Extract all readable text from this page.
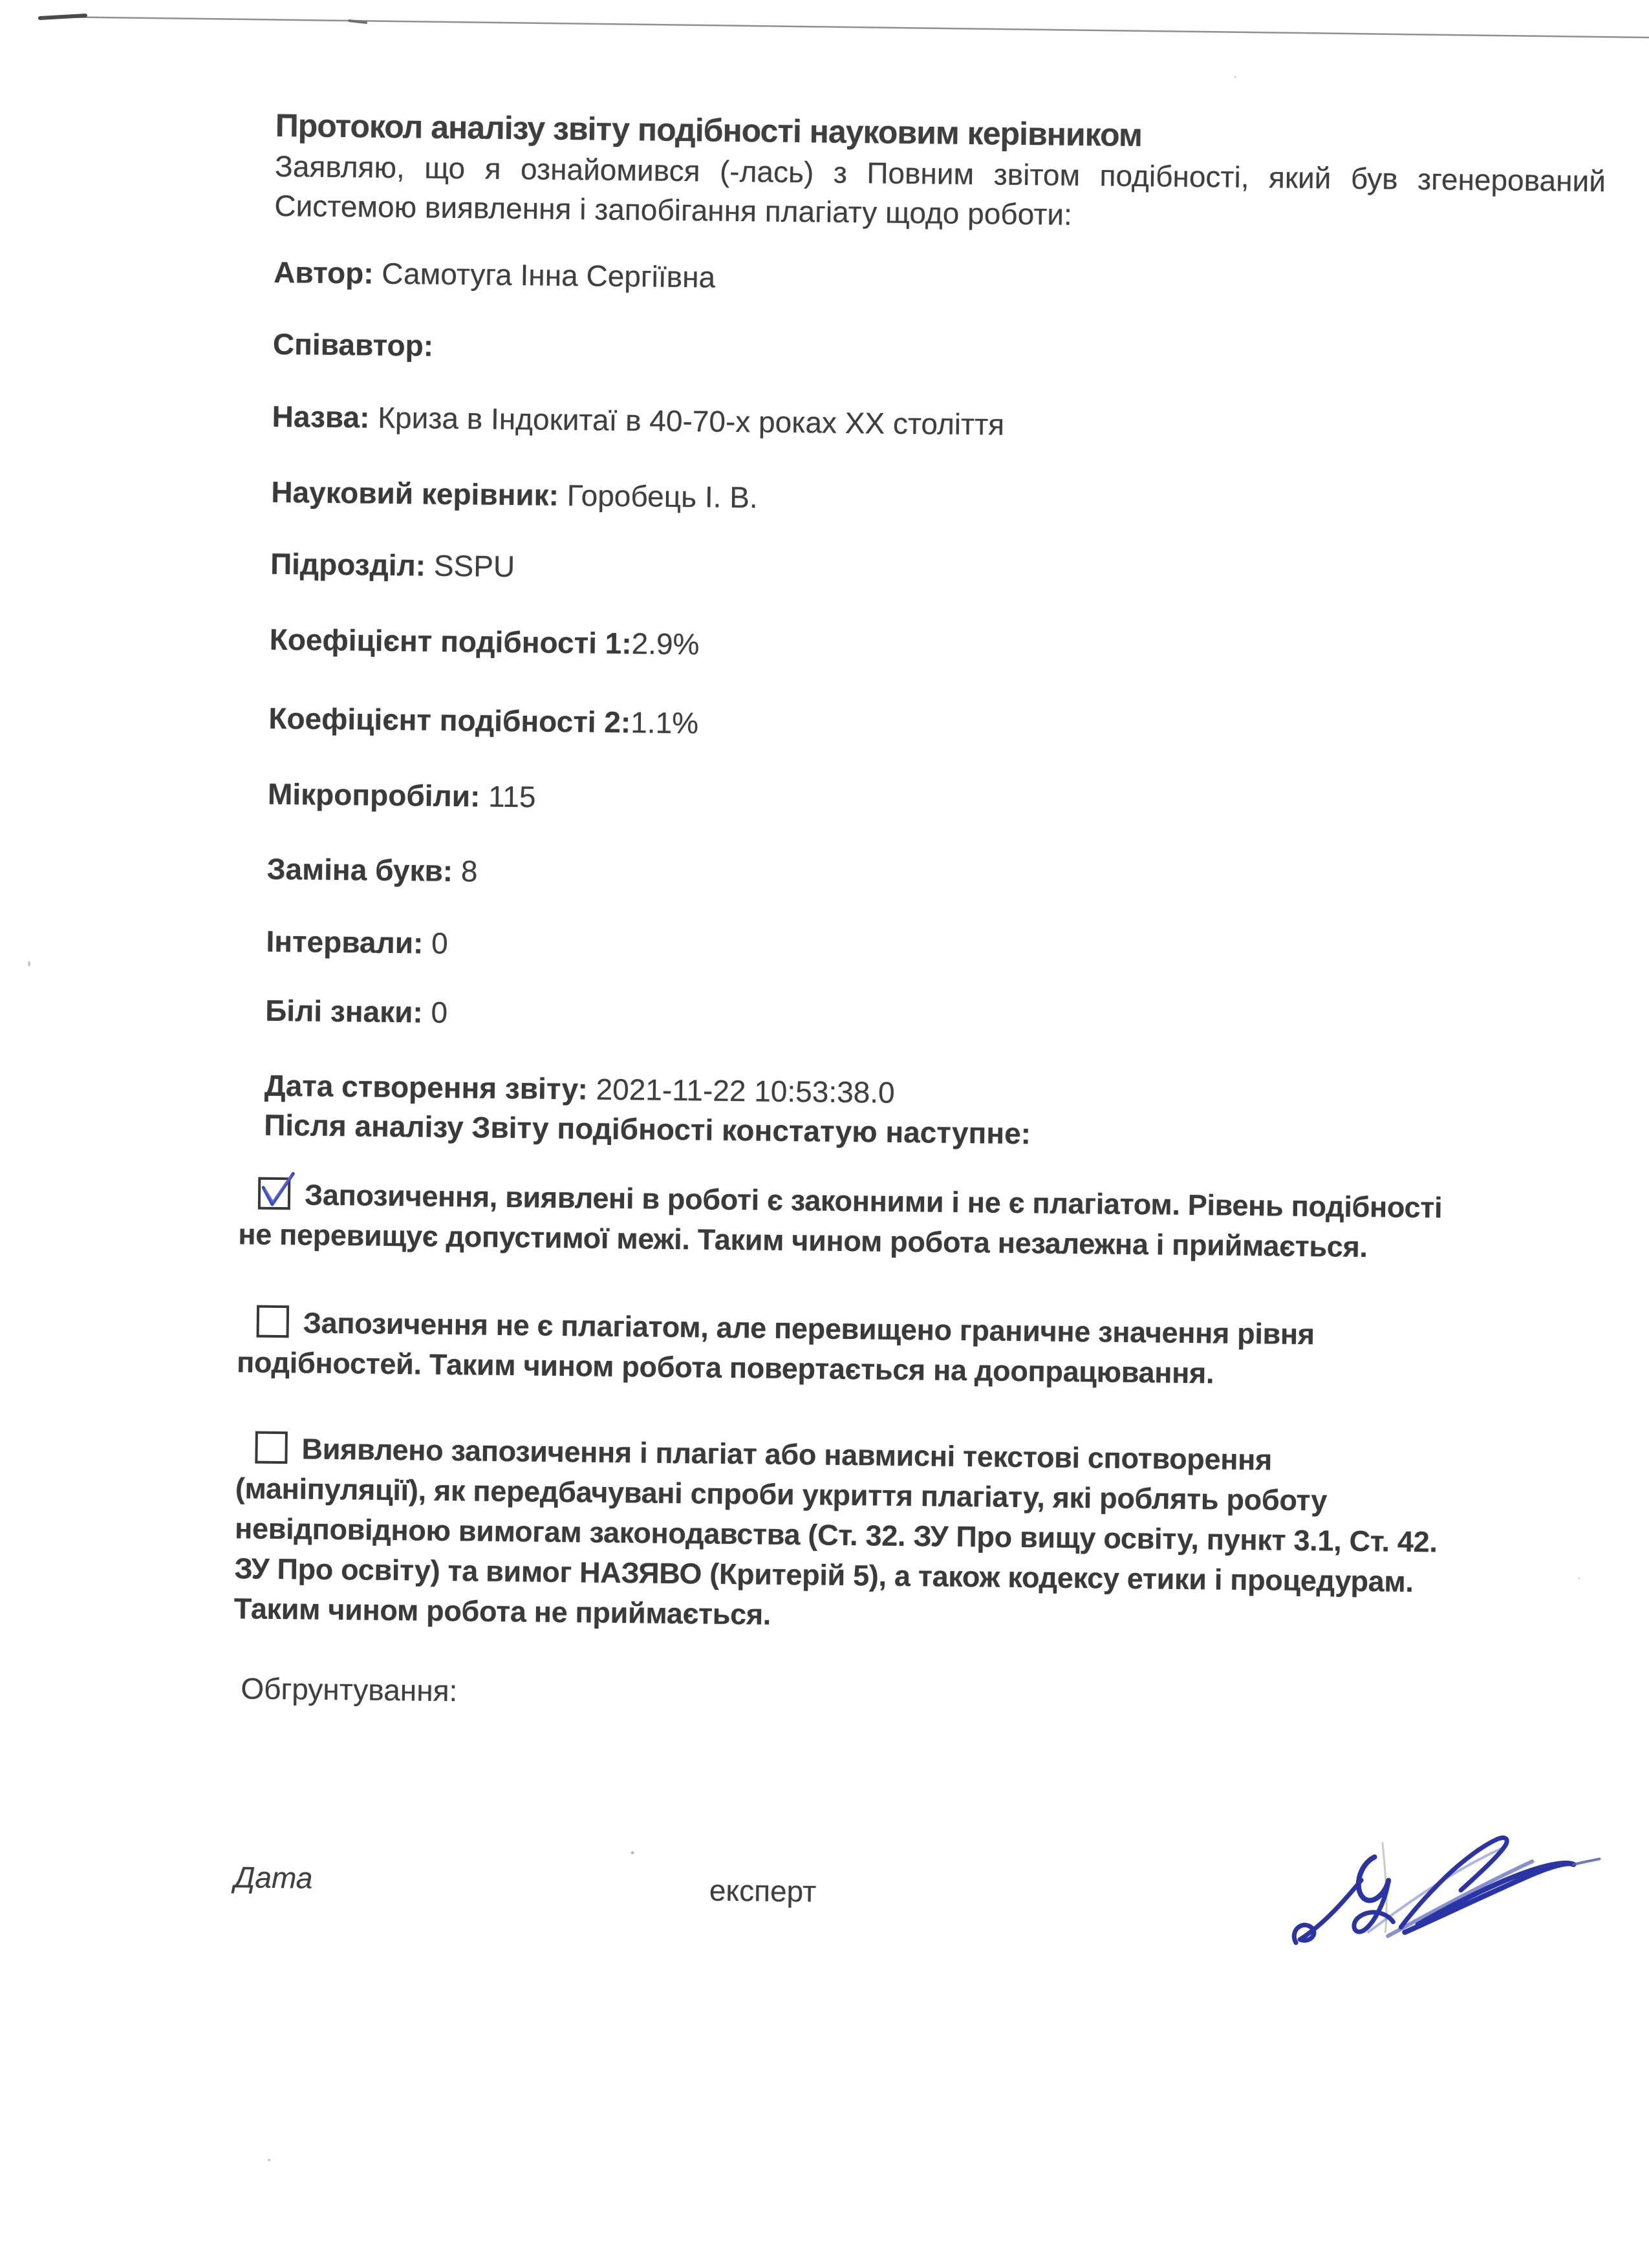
Протокол аналізу звіту подібності науковим керівником
Заявляю, що я ознайомився (-лась) з Повним звітом подібності, який був згенерований
Системою виявлення і запобігання плагіату щодо роботи:
Автор: Самотуга Інна Сергіївна
Співавтор:
Назва: Криза в Індокитаї в 40-70-х роках ХХ століття
Науковий керівник: Горобець І. В.
Підрозділ: SSPU
Коефіцієнт подібності 1:2.9%
Коефіцієнт подібності 2:1.1%
Мікропробіли: 115
Заміна букв: 8
Інтервали: 0
Білі знаки: 0
Дата створення звіту: 2021-11-22 10:53:38.0
Після аналізу Звіту подібності констатую наступне:
Запозичення, виявлені в роботі є законними і не є плагіатом. Рівень подібності
не перевищує допустимої межі. Таким чином робота незалежна і приймається.
Запозичення не є плагіатом, але перевищено граничне значення рівня
подібностей. Таким чином робота повертається на доопрацювання.
Виявлено запозичення і плагіат або навмисні текстові спотворення
(маніпуляції), як передбачувані спроби укриття плагіату, які роблять роботу
невідповідною вимогам законодавства (Ст. 32. ЗУ Про вищу освіту, пункт 3.1, Ст. 42.
ЗУ Про освіту) та вимог НАЗЯВО (Критерій 5), а також кодексу етики і процедурам.
Таким чином робота не приймається.
Обгрунтування:
Дата	експерт
